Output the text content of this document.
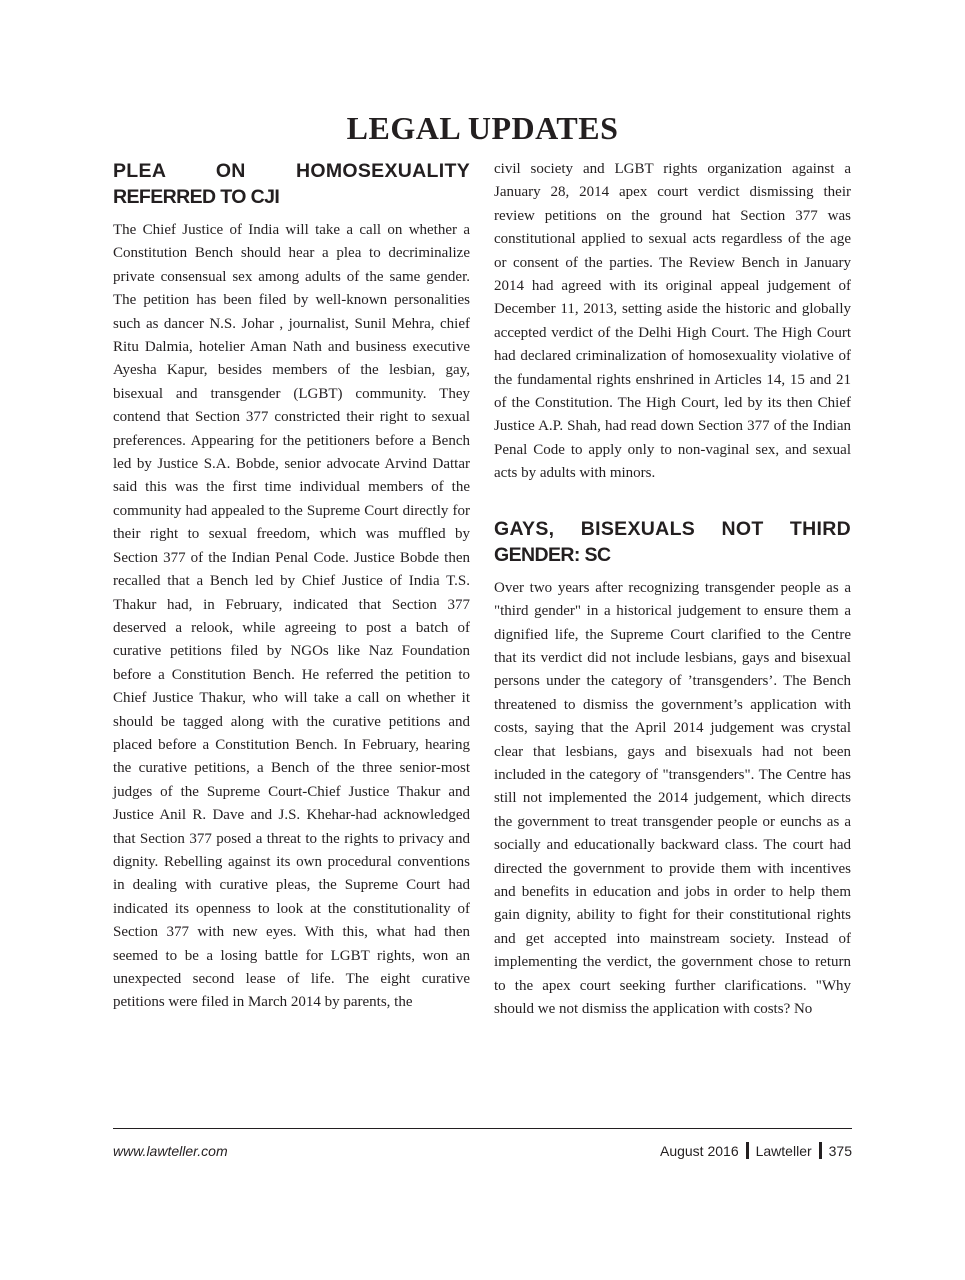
LEGAL UPDATES
PLEA ON HOMOSEXUALITY
REFERRED TO CJI

The Chief Justice of India will take a call on whether a Constitution Bench should hear a plea to decriminalize private consensual sex among adults of the same gender. The petition has been filed by well-known personalities such as dancer N.S. Johar , journalist, Sunil Mehra, chief Ritu Dalmia, hotelier Aman Nath and business executive Ayesha Kapur, besides members of the lesbian, gay, bisexual and transgender (LGBT) community. They contend that Section 377 constricted their right to sexual preferences. Appearing for the petitioners before a Bench led by Justice S.A. Bobde, senior advocate Arvind Dattar said this was the first time individual members of the community had appealed to the Supreme Court directly for their right to sexual freedom, which was muffled by Section 377 of the Indian Penal Code. Justice Bobde then recalled that a Bench led by Chief Justice of India T.S. Thakur had, in February, indicated that Section 377 deserved a relook, while agreeing to post a batch of curative petitions filed by NGOs like Naz Foundation before a Constitution Bench. He referred the petition to Chief Justice Thakur, who will take a call on whether it should be tagged along with the curative petitions and placed before a Constitution Bench. In February, hearing the curative petitions, a Bench of the three senior-most judges of the Supreme Court-Chief Justice Thakur and Justice Anil R. Dave and J.S. Khehar-had acknowledged that Section 377 posed a threat to the rights to privacy and dignity. Rebelling against its own procedural conventions in dealing with curative pleas, the Supreme Court had indicated its openness to look at the constitutionality of Section 377 with new eyes. With this, what had then seemed to be a losing battle for LGBT rights, won an unexpected second lease of life. The eight curative petitions were filed in March 2014 by parents, the

civil society and LGBT rights organization against a January 28, 2014 apex court verdict dismissing their review petitions on the ground hat Section 377 was constitutional applied to sexual acts regardless of the age or consent of the parties. The Review Bench in January 2014 had agreed with its original appeal judgement of December 11, 2013, setting aside the historic and globally accepted verdict of the Delhi High Court. The High Court had declared criminalization of homosexuality violative of the fundamental rights enshrined in Articles 14, 15 and 21 of the Constitution. The High Court, led by its then Chief Justice A.P. Shah, had read down Section 377 of the Indian Penal Code to apply only to non-vaginal sex, and sexual acts by adults with minors.

GAYS, BISEXUALS NOT THIRD
GENDER: SC

Over two years after recognizing transgender people as a "third gender" in a historical judgement to ensure them a dignified life, the Supreme Court clarified to the Centre that its verdict did not include lesbians, gays and bisexual persons under the category of ’transgenders’. The Bench threatened to dismiss the government’s application with costs, saying that the April 2014 judgement was crystal clear that lesbians, gays and bisexuals had not been included in the category of "transgenders". The Centre has still not implemented the 2014 judgement, which directs the government to treat transgender people or eunchs as a socially and educationally backward class. The court had directed the government to provide them with incentives and benefits in education and jobs in order to help them gain dignity, ability to fight for their constitutional rights and get accepted into mainstream society. Instead of implementing the verdict, the government chose to return to the apex court seeking further clarifications. "Why should we not dismiss the application with costs? No

www.lawteller.com	August 2016 Lawteller 375
